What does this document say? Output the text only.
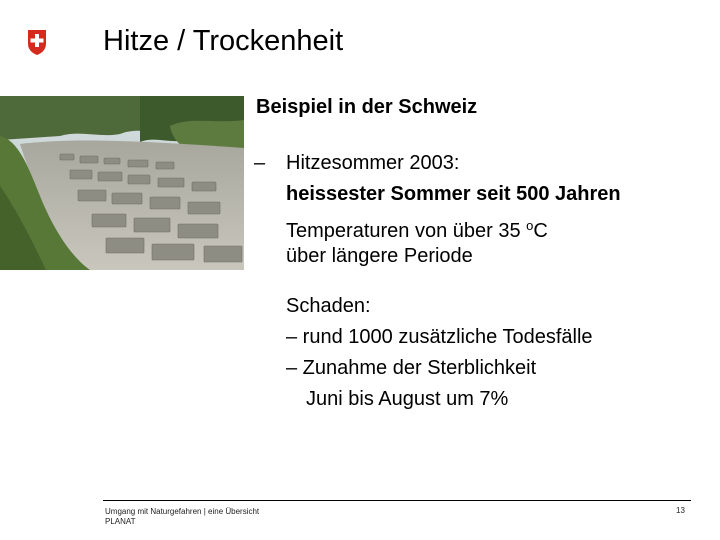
Hitze / Trockenheit
Beispiel in der Schweiz
– Hitzesommer 2003:
heissester Sommer seit 500 Jahren
Temperaturen von über 35 $^o$C
über längere Periode
Schaden:
– rund 1000 zusätzliche Todesfälle
– Zunahme der Sterblichkeit
Juni bis August um 7%
Umgang mit Naturgefahren | eine Übersicht
PLANAT
13
